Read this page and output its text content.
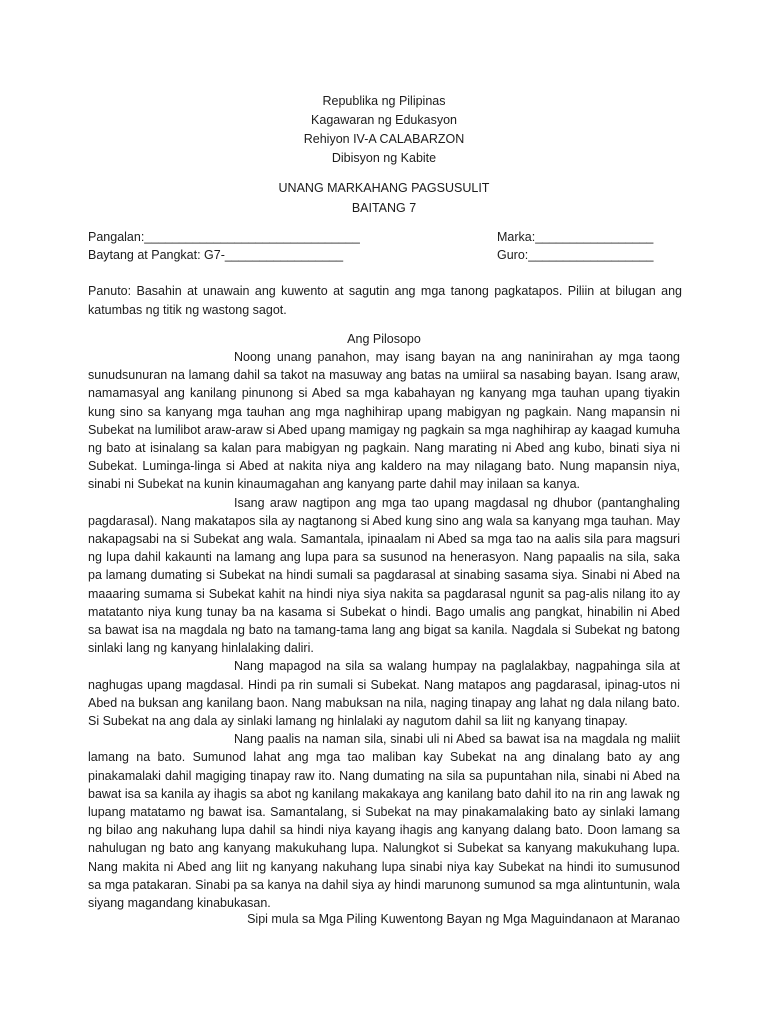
Republika ng Pilipinas
Kagawaran ng Edukasyon
Rehiyon IV-A CALABARZON
Dibisyon ng Kabite
UNANG MARKAHANG PAGSUSULIT
BAITANG 7
Pangalan:_______________________________
Baytang at Pangkat: G7-_________________
Marka:_________________
Guro:__________________
Panuto: Basahin at unawain ang kuwento at sagutin ang mga tanong pagkatapos. Piliin at bilugan ang katumbas ng titik ng wastong sagot.
Ang Pilosopo

Noong unang panahon, may isang bayan na ang naninirahan ay mga taong sunudsunuran na lamang dahil sa takot na masuway ang batas na umiiral sa nasabing bayan. Isang araw, namamasyal ang kanilang pinunong si Abed sa mga kabahayan ng kanyang mga tauhan upang tiyakin kung sino sa kanyang mga tauhan ang mga naghihirap upang mabigyan ng pagkain. Nang mapansin ni Subekat na lumilibot araw-araw si Abed upang mamigay ng pagkain sa mga naghihirap ay kaagad kumuha ng bato at isinalang sa kalan para mabigyan ng pagkain. Nang marating ni Abed ang kubo, binati siya ni Subekat. Luminga-linga si Abed at nakita niya ang kaldero na may nilagang bato. Nung mapansin niya, sinabi ni Subekat na kunin kinaumagahan ang kanyang parte dahil may inilaan sa kanya.

Isang araw nagtipon ang mga tao upang magdasal ng dhubor (pantanghaling pagdarasal). Nang makatapos sila ay nagtanong si Abed kung sino ang wala sa kanyang mga tauhan. May nakapagsabi na si Subekat ang wala. Samantala, ipinaalam ni Abed sa mga tao na aalis sila para magsuri ng lupa dahil kakaunti na lamang ang lupa para sa susunod na henerasyon. Nang papaalis na sila, saka pa lamang dumating si Subekat na hindi sumali sa pagdarasal at sinabing sasama siya. Sinabi ni Abed na maaaring sumama si Subekat kahit na hindi niya siya nakita sa pagdarasal ngunit sa pag-alis nilang ito ay matatanto niya kung tunay ba na kasama si Subekat o hindi. Bago umalis ang pangkat, hinabilin ni Abed sa bawat isa na magdala ng bato na tamang-tama lang ang bigat sa kanila. Nagdala si Subekat ng batong sinlaki lang ng kanyang hinlalaking daliri.

Nang mapagod na sila sa walang humpay na paglalakbay, nagpahinga sila at naghugas upang magdasal. Hindi pa rin sumali si Subekat. Nang matapos ang pagdarasal, ipinag-utos ni Abed na buksan ang kanilang baon. Nang mabuksan na nila, naging tinapay ang lahat ng dala nilang bato. Si Subekat na ang dala ay sinlaki lamang ng hinlalaki ay nagutom dahil sa liit ng kanyang tinapay.

Nang paalis na naman sila, sinabi uli ni Abed sa bawat isa na magdala ng maliit lamang na bato. Sumunod lahat ang mga tao maliban kay Subekat na ang dinalang bato ay ang pinakamalaki dahil magiging tinapay raw ito. Nang dumating na sila sa pupuntahan nila, sinabi ni Abed na bawat isa sa kanila ay ihagis sa abot ng kanilang makakaya ang kanilang bato dahil ito na rin ang lawak ng lupang matatamo ng bawat isa. Samantalang, si Subekat na may pinakamalaking bato ay sinlaki lamang ng bilao ang nakuhang lupa dahil sa hindi niya kayang ihagis ang kanyang dalang bato. Doon lamang sa nahulugan ng bato ang kanyang makukuhang lupa. Nalungkot si Subekat sa kanyang makukuhang lupa. Nang makita ni Abed ang liit ng kanyang nakuhang lupa sinabi niya kay Subekat na hindi ito sumusunod sa mga patakaran. Sinabi pa sa kanya na dahil siya ay hindi marunong sumunod sa mga alintuntunin, wala siyang magandang kinabukasan.

Sipi mula sa Mga Piling Kuwentong Bayan ng Mga Maguindanaon at Maranao
